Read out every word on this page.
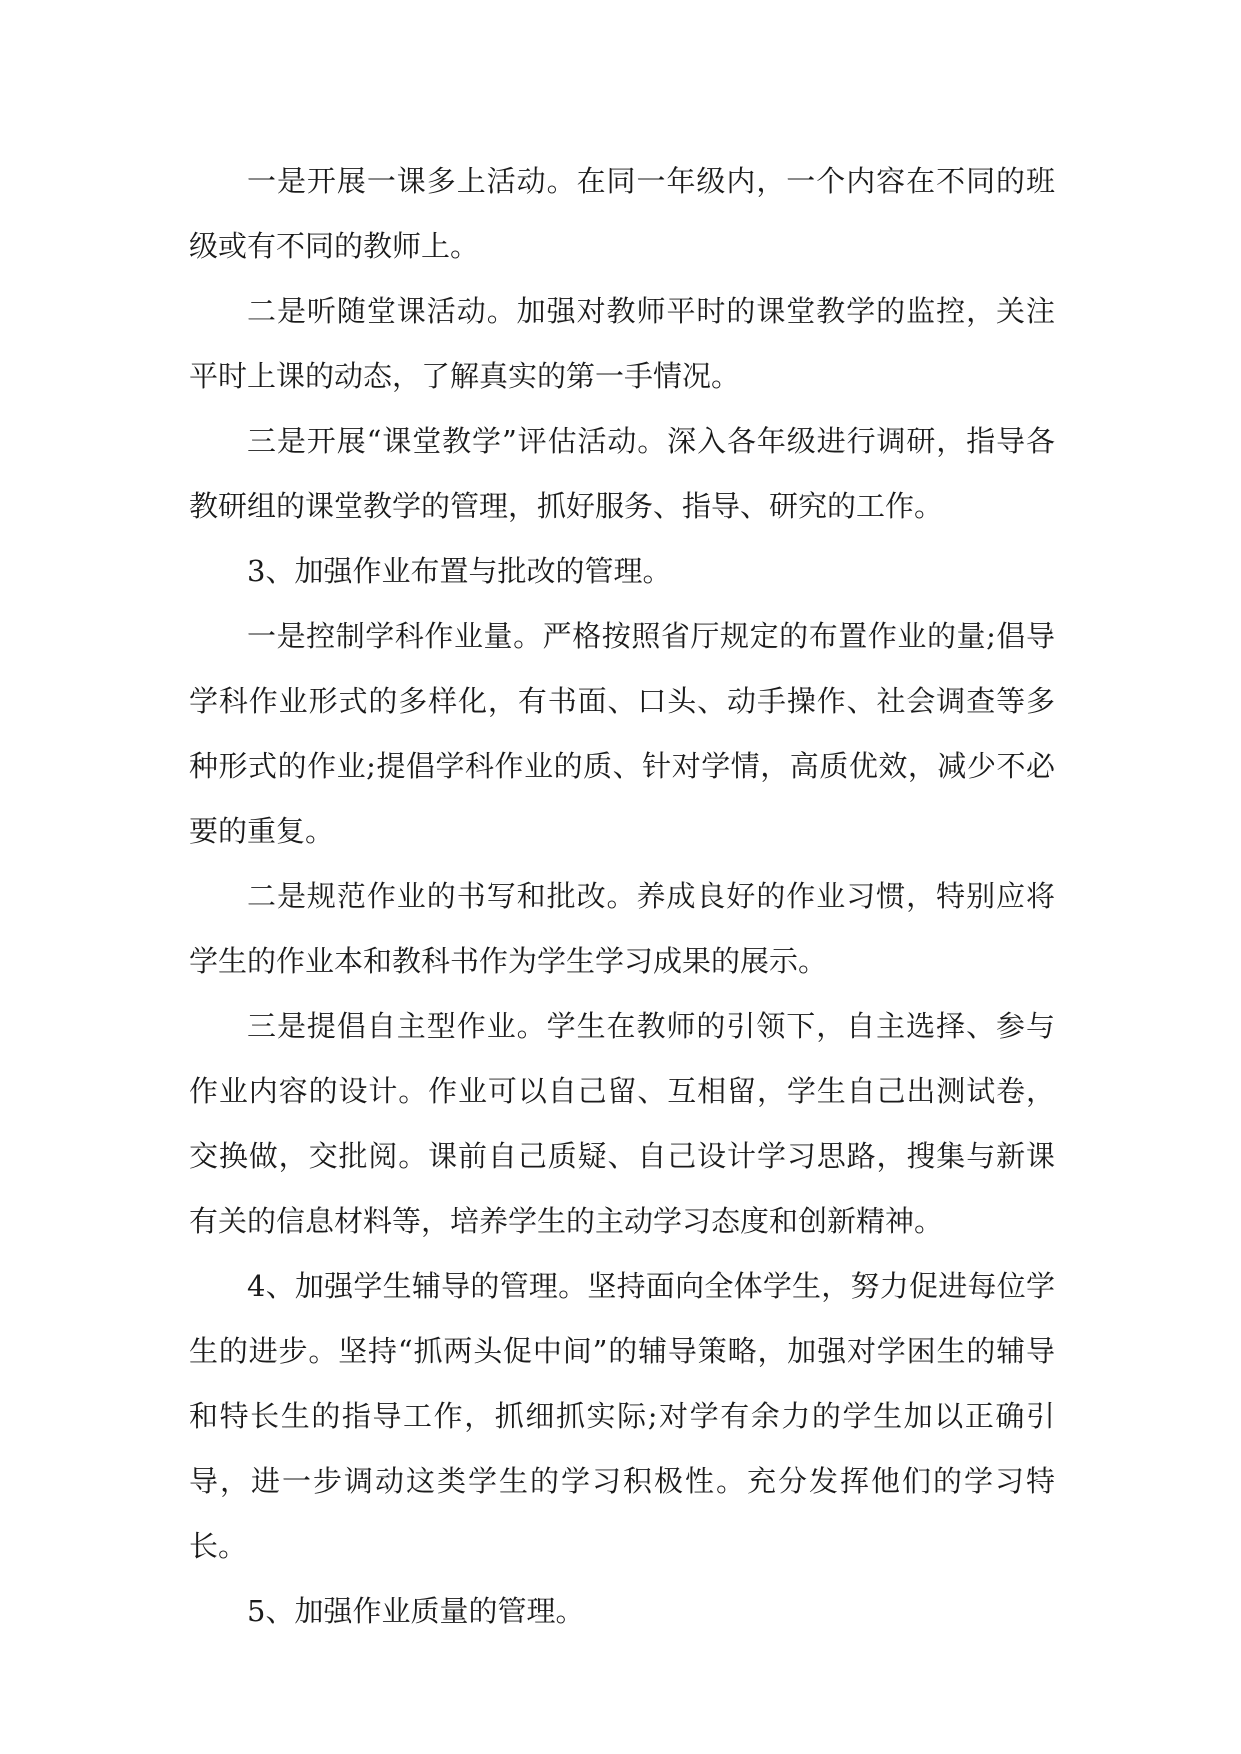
一是开展一课多上活动。在同一年级内，一个内容在不同的班级或有不同的教师上。

二是听随堂课活动。加强对教师平时的课堂教学的监控，关注平时上课的动态，了解真实的第一手情况。

三是开展“课堂教学”评估活动。深入各年级进行调研，指导各教研组的课堂教学的管理，抓好服务、指导、研究的工作。

3、加强作业布置与批改的管理。

一是控制学科作业量。严格按照省厅规定的布置作业的量;倡导学科作业形式的多样化，有书面、口头、动手操作、社会调查等多种形式的作业;提倡学科作业的质、针对学情，高质优效，减少不必要的重复。

二是规范作业的书写和批改。养成良好的作业习惯，特别应将学生的作业本和教科书作为学生学习成果的展示。

三是提倡自主型作业。学生在教师的引领下，自主选择、参与作业内容的设计。作业可以自己留、互相留，学生自己出测试卷，交换做，交批阅。课前自己质疑、自己设计学习思路，搜集与新课有关的信息材料等，培养学生的主动学习态度和创新精神。

4、加强学生辅导的管理。坚持面向全体学生，努力促进每位学生的进步。坚持“抓两头促中间”的辅导策略，加强对学困生的辅导和特长生的指导工作，抓细抓实际;对学有余力的学生加以正确引导，进一步调动这类学生的学习积极性。充分发挥他们的学习特长。

5、加强作业质量的管理。
